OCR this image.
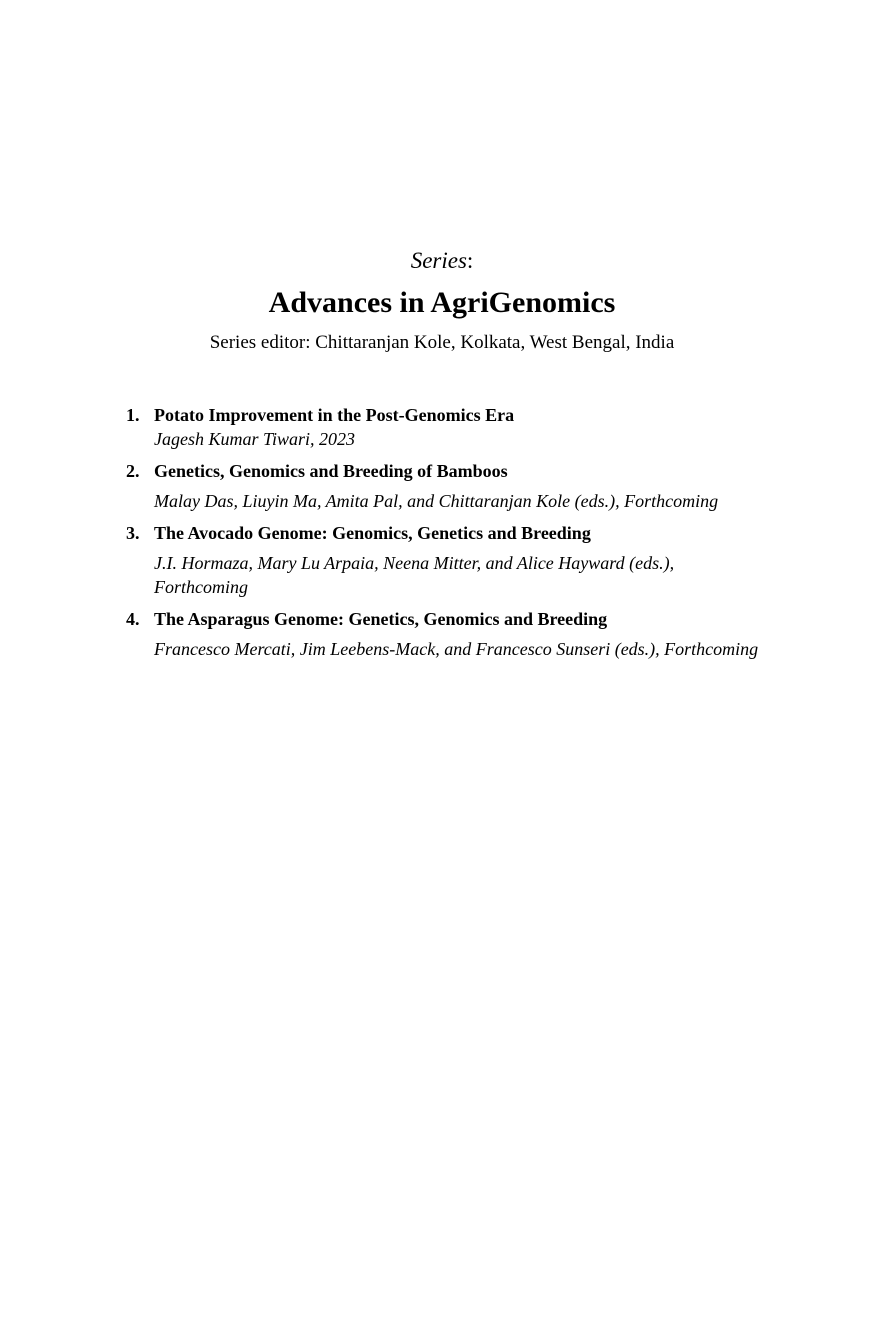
Series:
Advances in AgriGenomics
Series editor: Chittaranjan Kole, Kolkata, West Bengal, India
1. Potato Improvement in the Post-Genomics Era
Jagesh Kumar Tiwari, 2023
2. Genetics, Genomics and Breeding of Bamboos
Malay Das, Liuyin Ma, Amita Pal, and Chittaranjan Kole (eds.), Forthcoming
3. The Avocado Genome: Genomics, Genetics and Breeding
J.I. Hormaza, Mary Lu Arpaia, Neena Mitter, and Alice Hayward (eds.), Forthcoming
4. The Asparagus Genome: Genetics, Genomics and Breeding
Francesco Mercati, Jim Leebens-Mack, and Francesco Sunseri (eds.), Forthcoming
